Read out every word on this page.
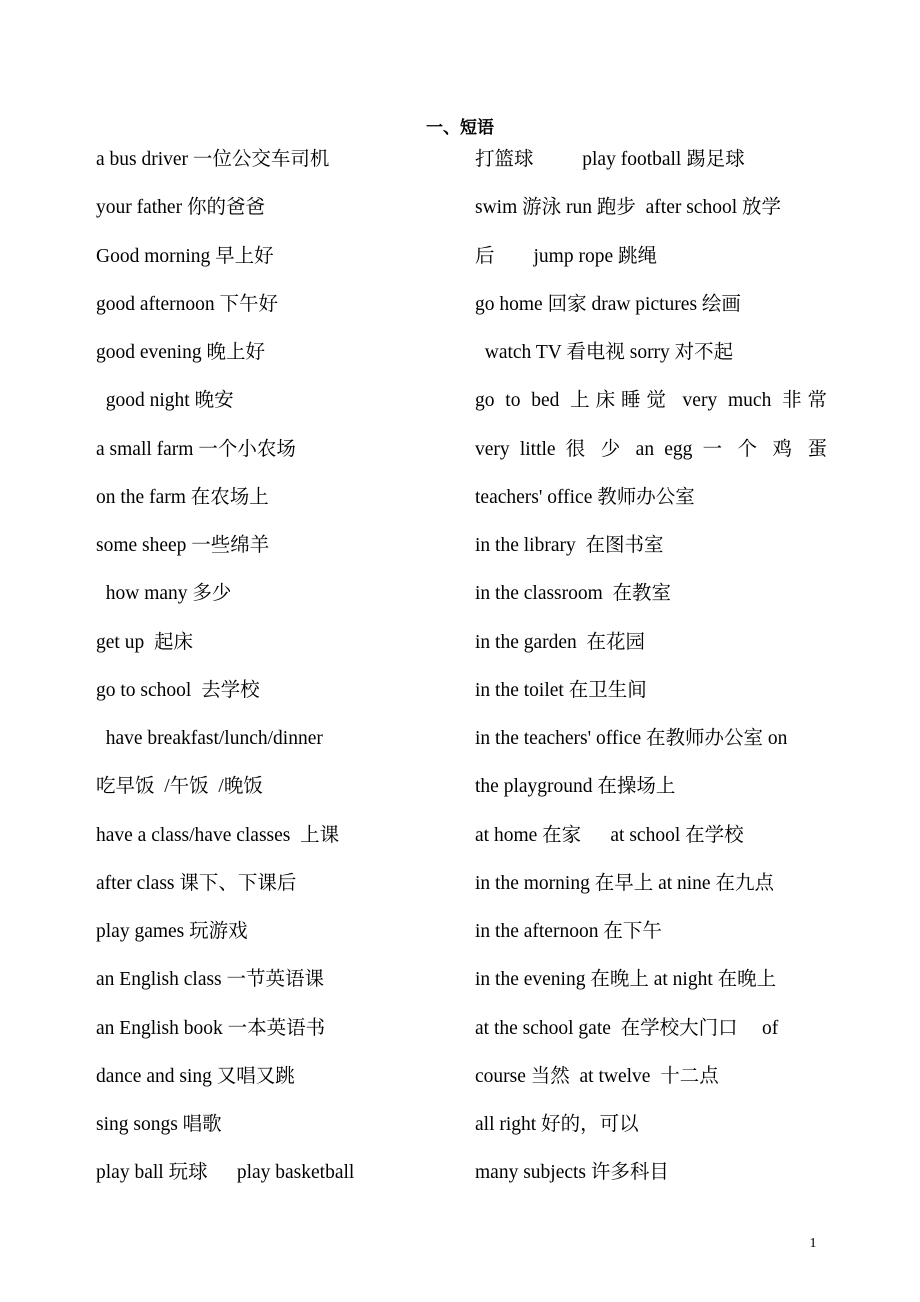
一、短语
a bus driver 一位公交车司机
your father 你的爸爸
Good morning 早上好
good afternoon 下午好
good evening 晚上好
good night 晚安
a small farm 一个小农场
on the farm 在农场上
some sheep 一些绵羊
how many 多少
get up  起床
go to school  去学校
have breakfast/lunch/dinner
吃早饭  /午饭  /晚饭
have a class/have classes  上课
after class 课下、下课后
play games 玩游戏
an English class 一节英语课
an English book 一本英语书
dance and sing 又唱又跳
sing songs 唱歌
play ball 玩球      play basketball
打篮球          play football 踢足球
swim 游泳 run 跑步  after school 放学
后        jump rope 跳绳
go home 回家 draw pictures 绘画
watch TV 看电视 sorry 对不起
go to bed 上床睡觉 very much 非常
very little 很 少 an egg 一 个 鸡 蛋
teachers' office 教师办公室
in the library  在图书室
in the classroom  在教室
in the garden  在花园
in the toilet 在卫生间
in the teachers' office 在教师办公室 on
the playground 在操场上
at home 在家      at school 在学校
in the morning 在早上 at nine 在九点
in the afternoon 在下午
in the evening 在晚上 at night 在晚上
at the school gate  在学校大门口     of
course 当然  at twelve  十二点
all right 好的，可以
many subjects 许多科目
1
